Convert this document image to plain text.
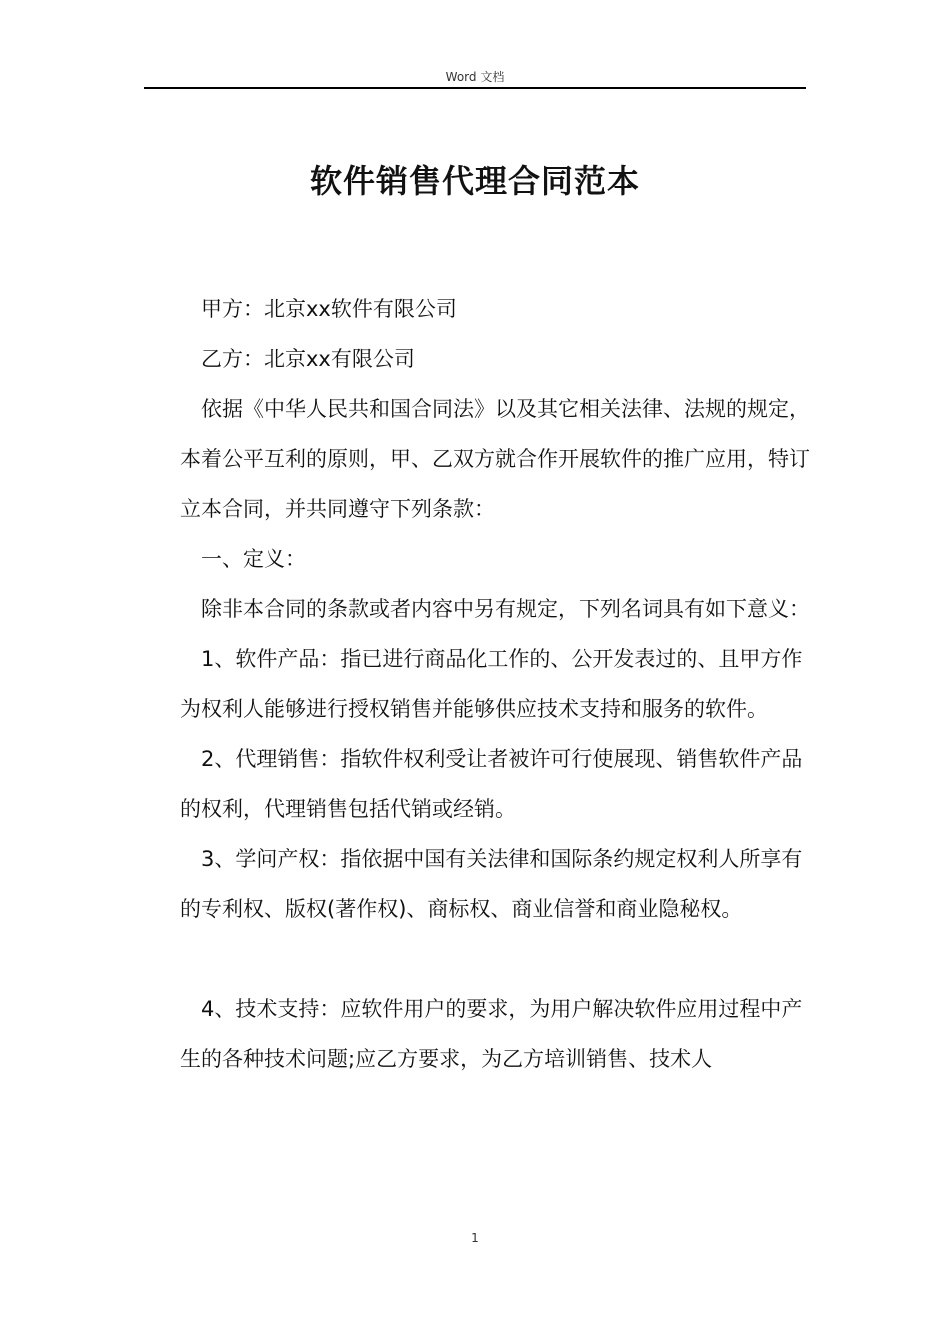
Word 文档
软件销售代理合同范本

甲方：北京xx软件有限公司

乙方：北京xx有限公司

依据《中华人民共和国合同法》以及其它相关法律、法规的规定，本着公平互利的原则，甲、乙双方就合作开展软件的推广应用，特订立本合同，并共同遵守下列条款：

一、定义：

除非本合同的条款或者内容中另有规定，下列名词具有如下意义：

1、软件产品：指已进行商品化工作的、公开发表过的、且甲方作为权利人能够进行授权销售并能够供应技术支持和服务的软件。

2、代理销售：指软件权利受让者被许可行使展现、销售软件产品的权利，代理销售包括代销或经销。

3、学问产权：指依据中国有关法律和国际条约规定权利人所享有的专利权、版权(著作权)、商标权、商业信誉和商业隐秘权。

4、技术支持：应软件用户的要求，为用户解决软件应用过程中产生的各种技术问题;应乙方要求，为乙方培训销售、技术人

1
